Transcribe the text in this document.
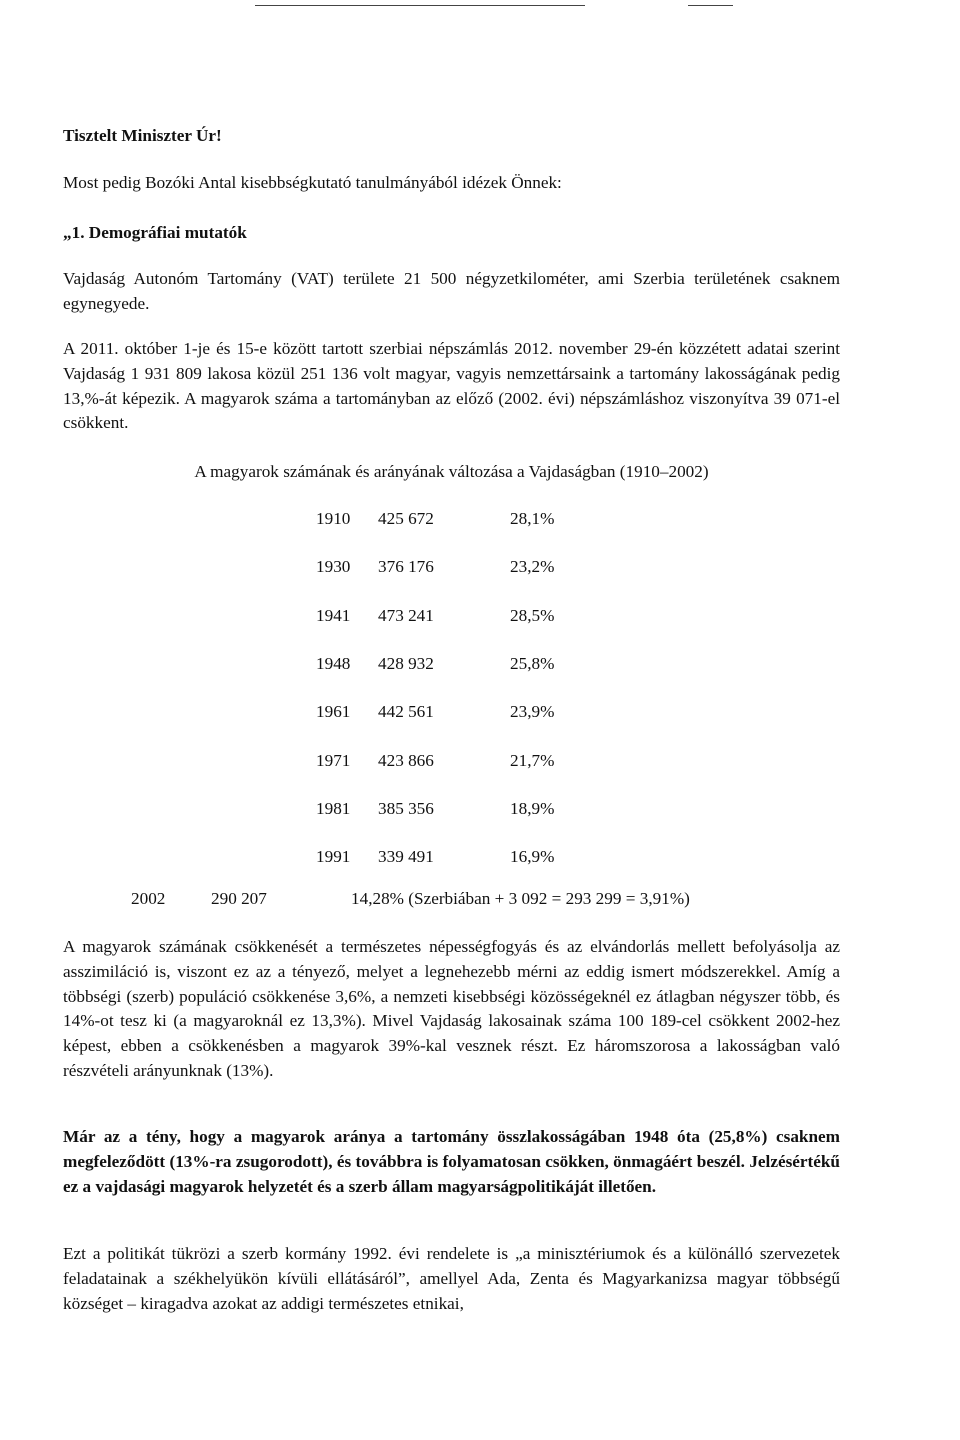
Tisztelt Miniszter Úr!
Most pedig Bozóki Antal kisebbségkutató tanulmányából idézek Önnek:
„1. Demográfiai mutatók
Vajdaság Autonóm Tartomány (VAT) területe 21 500 négyzetkilométer, ami Szerbia területének csaknem egynegyede.
A 2011. október 1-je és 15-e között tartott szerbiai népszámlás 2012. november 29-én közzétett adatai szerint Vajdaság 1 931 809 lakosa közül 251 136 volt magyar, vagyis nemzettársaink a tartomány lakosságának pedig 13,%-át képezik. A magyarok száma a tartományban az előző (2002. évi) népszámláshoz viszonyítva 39 071-el csökkent.
A magyarok számának és arányának változása a Vajdaságban (1910–2002)
1910 425 672	28,1%
1930 376 176	23,2%
1941 473 241	28,5%
1948 428 932	25,8%
1961 442 561	23,9%
1971 423 866	21,7%
1981 385 356	18,9%
1991 339 491	16,9%
2002	290 207	14,28% (Szerbiában + 3 092 = 293 299 = 3,91%)
A magyarok számának csökkenését a természetes népességfogyás és az elvándorlás mellett befolyásolja az asszimiláció is, viszont ez az a tényező, melyet a legnehezebb mérni az eddig ismert módszerekkel. Amíg a többségi (szerb) populáció csökkenése 3,6%, a nemzeti kisebbségi közösségeknél ez átlagban négyszer több, és 14%-ot tesz ki (a magyaroknál ez 13,3%). Mivel Vajdaság lakosainak száma 100 189-cel csökkent 2002-hez képest, ebben a csökkenésben a magyarok 39%-kal vesznek részt. Ez háromszorosa a lakosságban való részvételi arányunknak (13%).
Már az a tény, hogy a magyarok aránya a tartomány összlakosságában 1948 óta (25,8%) csaknem megfeleződött (13%-ra zsugorodott), és továbbra is folyamatosan csökken, önmagáért beszél. Jelzésértékű ez a vajdasági magyarok helyzetét és a szerb állam magyarságpolitikáját illetően.
Ezt a politikát tükrözi a szerb kormány 1992. évi rendelete is „a minisztériumok és a különálló szervezetek feladatainak a székhelyükön kívüli ellátásáról”, amellyel Ada, Zenta és Magyarkanizsa magyar többségű községet – kiragadva azokat az addigi természetes etnikai,
